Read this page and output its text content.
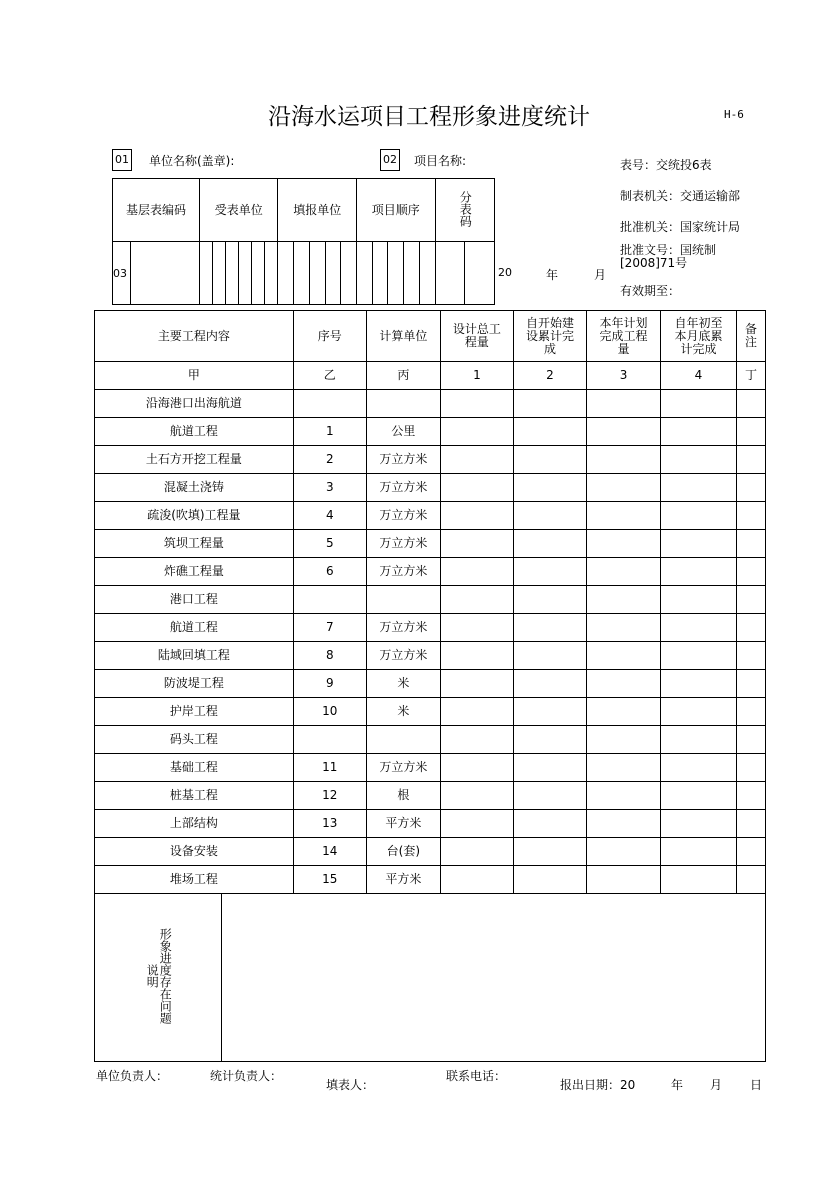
沿海水运项目工程形象进度统计	H-6
01 单位名称(盖章):	02 项目名称:
基层表编码		受表单位						填报单位					项目顺序					分表码	
03																				20	年	月
表号：交统投6表
制表机关：交通运输部
批准机关：国家统计局
批准文号：国统制
[2008]71号
有效期至：
主要工程内容		序号	计算单位	设计总工程量	自开始建设累计完成	本年计划完成工程量	自年初至本月底累计完成	备注
甲		乙	丙	1	2	3	4	丁
沿海港口出海航道								
航道工程		1	公里					
土石方开挖工程量		2	万立方米					
混凝土浇铸		3	万立方米					
疏浚(吹填)工程量		4	万立方米					
筑坝工程量		5	万立方米					
炸礁工程量		6	万立方米					
港口工程								
航道工程		7	万立方米					
陆域回填工程		8	万立方米					
防波堤工程		9	米					
护岸工程		10	米					
码头工程								
基础工程		11	万立方米					
桩基工程		12	根					
上部结构		13	平方米					
设备安装		14	台(套)					
堆场工程		15	平方米					
形象进度存在问题说明								
单位负责人：	统计负责人：
填表人：
联系电话：
报出日期：20	年 月 日
